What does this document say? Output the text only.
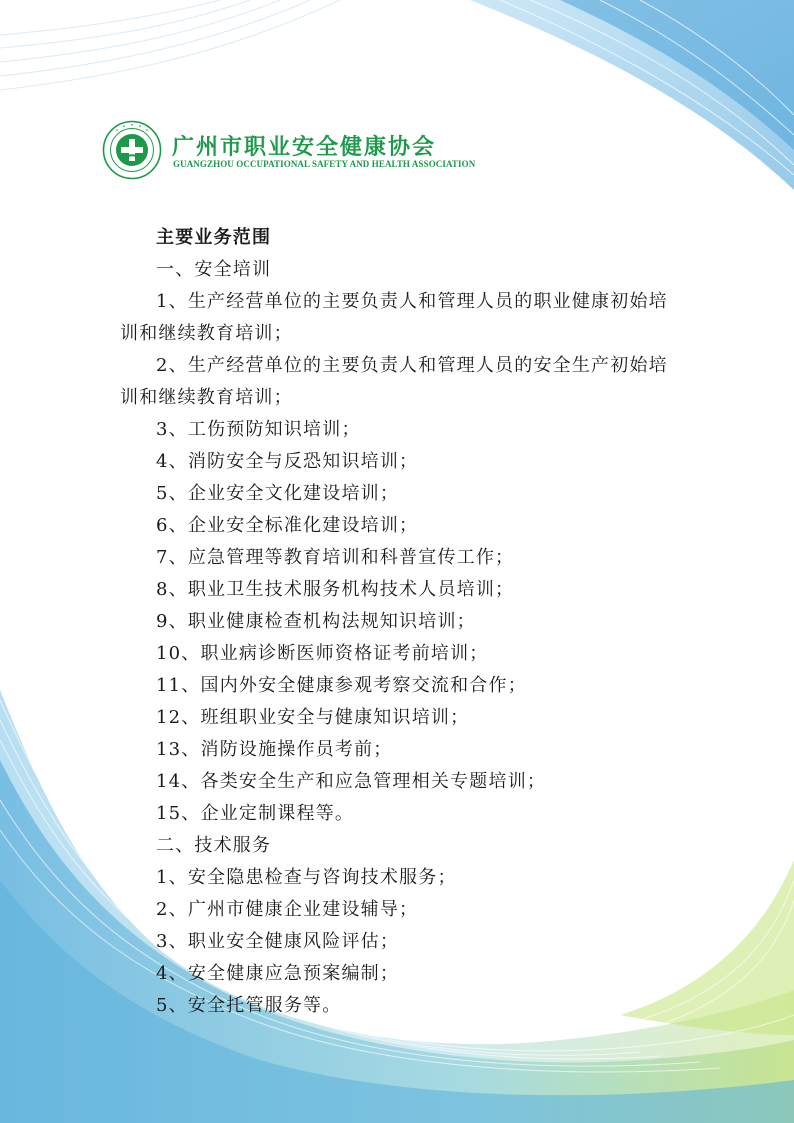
广州市职业安全健康协会
GUANGZHOU OCCUPATIONAL SAFETY AND HEALTH ASSOCIATION

主要业务范围

一、安全培训

1、生产经营单位的主要负责人和管理人员的职业健康初始培训和继续教育培训；

2、生产经营单位的主要负责人和管理人员的安全生产初始培训和继续教育培训；

3、工伤预防知识培训；

4、消防安全与反恐知识培训；

5、企业安全文化建设培训；

6、企业安全标准化建设培训；

7、应急管理等教育培训和科普宣传工作；

8、职业卫生技术服务机构技术人员培训；

9、职业健康检查机构法规知识培训；

10、职业病诊断医师资格证考前培训；

11、国内外安全健康参观考察交流和合作；

12、班组职业安全与健康知识培训；

13、消防设施操作员考前；

14、各类安全生产和应急管理相关专题培训；

15、企业定制课程等。

二、技术服务

1、安全隐患检查与咨询技术服务；

2、广州市健康企业建设辅导；

3、职业安全健康风险评估；

4、安全健康应急预案编制；

5、安全托管服务等。
